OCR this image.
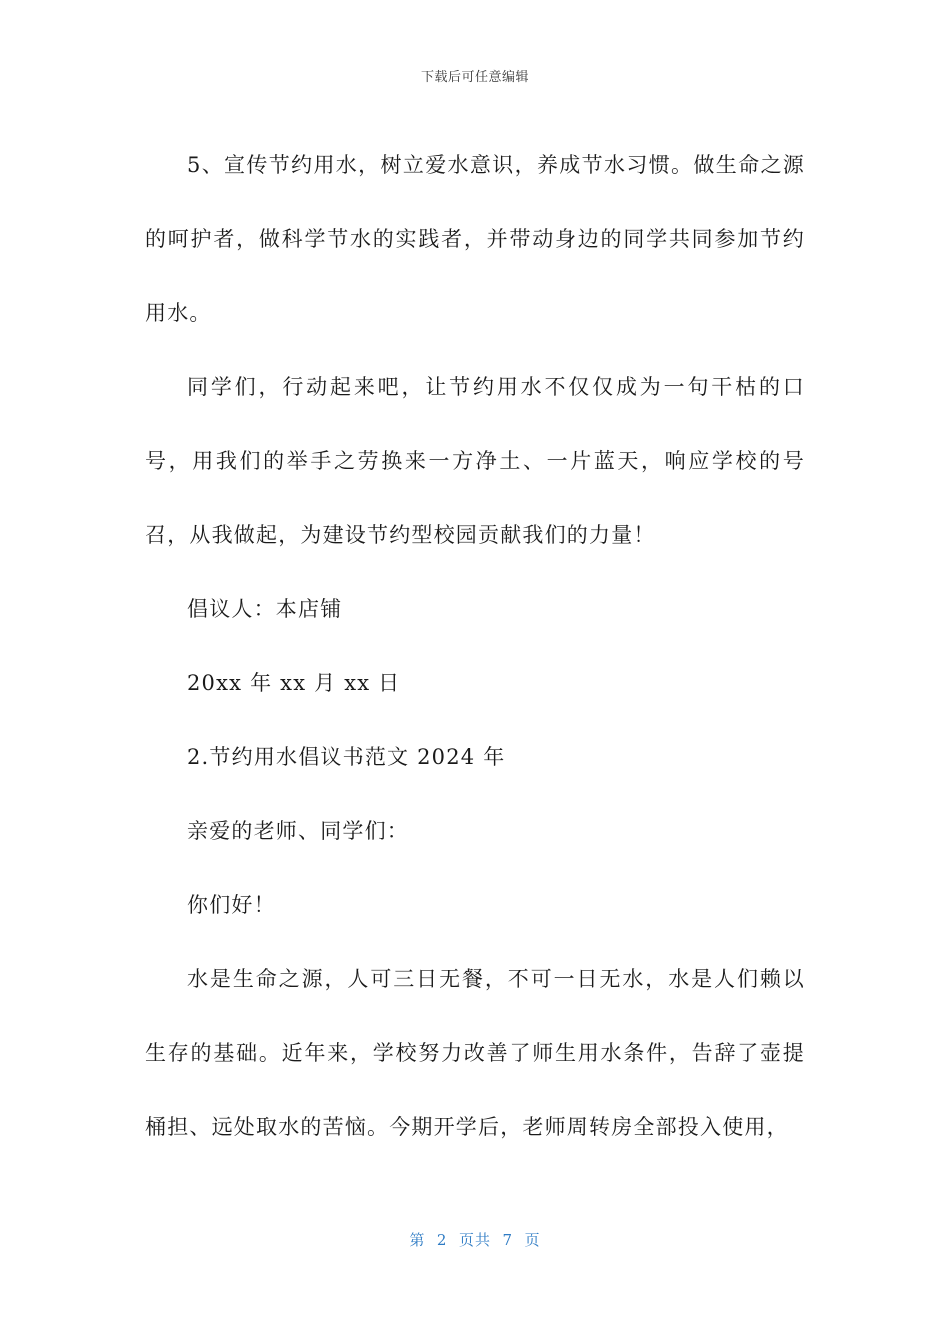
下载后可任意编辑

5、宣传节约用水，树立爱水意识，养成节水习惯。做生命之源的呵护者，做科学节水的实践者，并带动身边的同学共同参加节约用水。

同学们，行动起来吧，让节约用水不仅仅成为一句干枯的口号，用我们的举手之劳换来一方净土、一片蓝天，响应学校的号召，从我做起，为建设节约型校园贡献我们的力量！

倡议人：本店铺

20xx 年 xx 月 xx 日

2.节约用水倡议书范文 2024 年

亲爱的老师、同学们：

你们好！

水是生命之源，人可三日无餐，不可一日无水，水是人们赖以生存的基础。近年来，学校努力改善了师生用水条件，告辞了壶提桶担、远处取水的苦恼。今期开学后，老师周转房全部投入使用，

第  2  页共  7  页
